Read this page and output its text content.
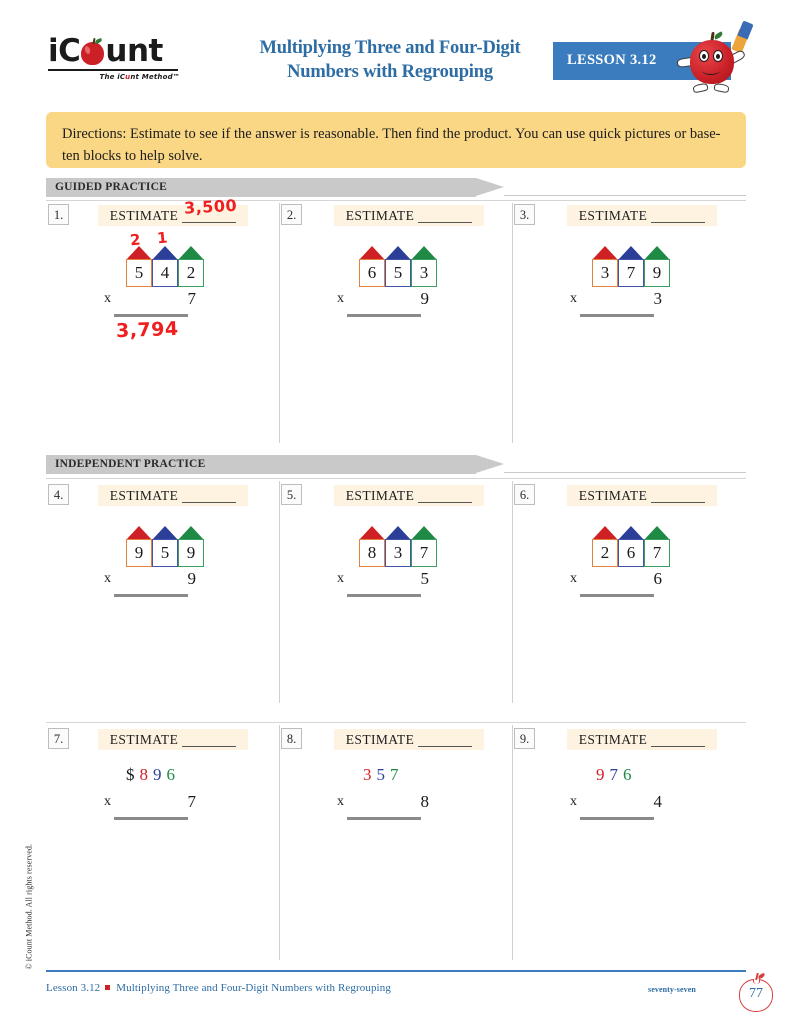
iC unt
The iCunt Method™
Multiplying Three and Four-Digit
Numbers with Regrouping
LESSON 3.12
Directions: Estimate to see if the answer is reasonable. Then find the product. You can use quick pictures or base-ten blocks to help solve.
GUIDED PRACTICE
1.	ESTIMATE 3,500
2 1
5	4	2
x	7
3,794
2.	ESTIMATE
6	5	3
x	9
3.	ESTIMATE
3	7	9
x	3
INDEPENDENT PRACTICE
4.	ESTIMATE
9	5	9
x	9
5.	ESTIMATE
8	3	7
x	5
6.	ESTIMATE
2	6	7
x	6
7.	ESTIMATE
$896
x	7
8.	ESTIMATE
357
x	8
9.	ESTIMATE
976
x	4
© iCount Method. All rights reserved.
Lesson 3.12 Multiplying Three and Four-Digit Numbers with Regrouping	seventy-seven	77
